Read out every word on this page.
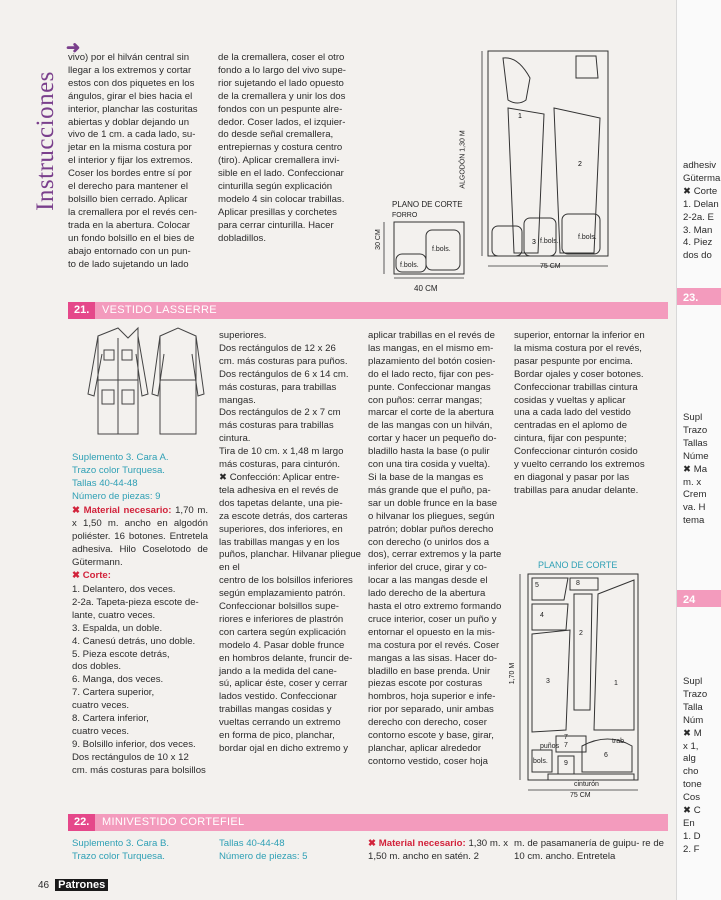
Instrucciones
➜

vivo) por el hilván central sin

llegar a los extremos y cortar

estos con dos piquetes en los

ángulos, girar el bies hacia el

interior, planchar las costuritas

abiertas y doblar dejando un

vivo de 1 cm. a cada lado, su-

jetar en la misma costura por

el interior y fijar los extremos.

Coser los bordes entre sí por

el derecho para mantener el

bolsillo bien cerrado. Aplicar

la cremallera por el revés cen-

trada en la abertura. Colocar

un fondo bolsillo en el bies de

abajo entornado con un pun-

to de lado sujetando un lado

de la cremallera, coser el otro

fondo a lo largo del vivo supe-

rior sujetando el lado opuesto

de la cremallera y unir los dos

fondos con un pespunte alre-

dedor. Coser lados, el izquier-

do desde señal cremallera,

entrepiernas y costura centro

(tiro). Aplicar cremallera invi-

sible en el lado. Confeccionar

cinturilla según explicación

modelo 4 sin colocar trabillas.

Aplicar presillas y corchetes

para cerrar cinturilla. Hacer

dobladillos.

1
2
3
PLANO DE CORTE
FORRO
f.bols.
f.bols.
f.bols.
f.bols.
40 CM
30 CM
75 CM
ALGODÓN 1,30 M
21.	VESTIDO LASSERRE

Suplemento 3. Cara A.

Trazo color Turquesa.

Tallas 40-44-48

Número de piezas: 9

✖ Material necesario: 1,70 m. x 1,50 m. ancho en algodón poliéster. 16 botones. Entretela adhesiva. Hilo Coselotodo de Gütermann.
✖ Corte:

1. Delantero, dos veces.

2-2a. Tapeta-pieza escote de-

lante, cuatro veces.

3. Espalda, un doble.

4. Canesú detrás, uno doble.

5. Pieza escote detrás,

dos dobles.

6. Manga, dos veces.

7. Cartera superior,

cuatro veces.

8. Cartera inferior,

cuatro veces.

9. Bolsillo inferior, dos veces.

Dos rectángulos de 10 x 12

cm. más costuras para bolsillos

superiores.

Dos rectángulos de 12 x 26

cm. más costuras para puños.

Dos rectángulos de 6 x 14 cm.

más costuras, para trabillas

mangas.

Dos rectángulos de 2 x 7 cm

más costuras para trabillas

cintura.

Tira de 10 cm. x 1,48 m largo

más costuras, para cinturón.

✖ Confección: Aplicar entre-

tela adhesiva en el revés de

dos tapetas delante, una pie-

za escote detrás, dos carteras

superiores, dos inferiores, en

las trabillas mangas y en los

puños, planchar. Hilvanar pliegue en el

centro de los bolsillos inferiores

según emplazamiento patrón.

Confeccionar bolsillos supe-

riores e inferiores de plastrón

con cartera según explicación

modelo 4. Pasar doble frunce

en hombros delante, fruncir de-

jando a la medida del cane-

sú, aplicar éste, coser y cerrar

lados vestido. Confeccionar

trabillas mangas cosidas y

vueltas cerrando un extremo

en forma de pico, planchar,

bordar ojal en dicho extremo y

aplicar trabillas en el revés de

las mangas, en el mismo em-

plazamiento del botón cosien-

do el lado recto, fijar con pes-

punte. Confeccionar mangas

con puños: cerrar mangas;

marcar el corte de la abertura

de las mangas con un hilván,

cortar y hacer un pequeño do-

bladillo hasta la base (o pulir

con una tira cosida y vuelta).

Si la base de la mangas es

más grande que el puño, pa-

sar un doble frunce en la base

o hilvanar los pliegues, según

patrón; doblar puños derecho

con derecho (o unirlos dos a

dos), cerrar extremos y la parte

inferior del cruce, girar y co-

locar a las mangas desde el

lado derecho de la abertura

hasta el otro extremo formando

cruce interior, coser un puño y

entornar el opuesto en la mis-

ma costura por el revés. Coser

mangas a las sisas. Hacer do-

bladillo en base prenda. Unir

piezas escote por costuras

hombros, hoja superior e infe-

rior por separado, unir ambas

derecho con derecho, coser

contorno escote y base, girar,

planchar, aplicar alrededor

contorno vestido, coser hoja

superior, entornar la inferior en

la misma costura por el revés,

pasar pespunte por encima.

Bordar ojales y coser botones.

Confeccionar trabillas cintura

cosidas y vueltas y aplicar

una a cada lado del vestido

centradas en el aplomo de

cintura, fijar con pespunte;

Confeccionar cinturón cosido

y vuelto cerrando los extremos

en diagonal y pasar por las

trabillas para anudar delante.

PLANO DE CORTE
1,70 M
75 CM
5	8
4
2
3	1
7
7
puños
trab.
bols. 9
6
cinturón
22.	MINIVESTIDO CORTEFIEL

Suplemento 3. Cara B.

Trazo color Turquesa.

Tallas 40-44-48

Número de piezas: 5

✖ Material necesario: 1,30 m. x 1,50 m. ancho en satén. 2
m. de pasamanería de guipu- re de 10 cm. ancho. Entretela
46 Patrones

adhesiv

Güterma

✖ Corte

1. Delan

2-2a. E

3. Man

4. Piez

dos do

23.

Supl

Trazo

Tallas

Núme

✖ Ma

m. x

Crem

va. H

tema

24

Supl

Trazo

Talla

Núm

✖ M

x 1,

alg

cho

tone

Cos

✖ C

En

1. D

2. F
